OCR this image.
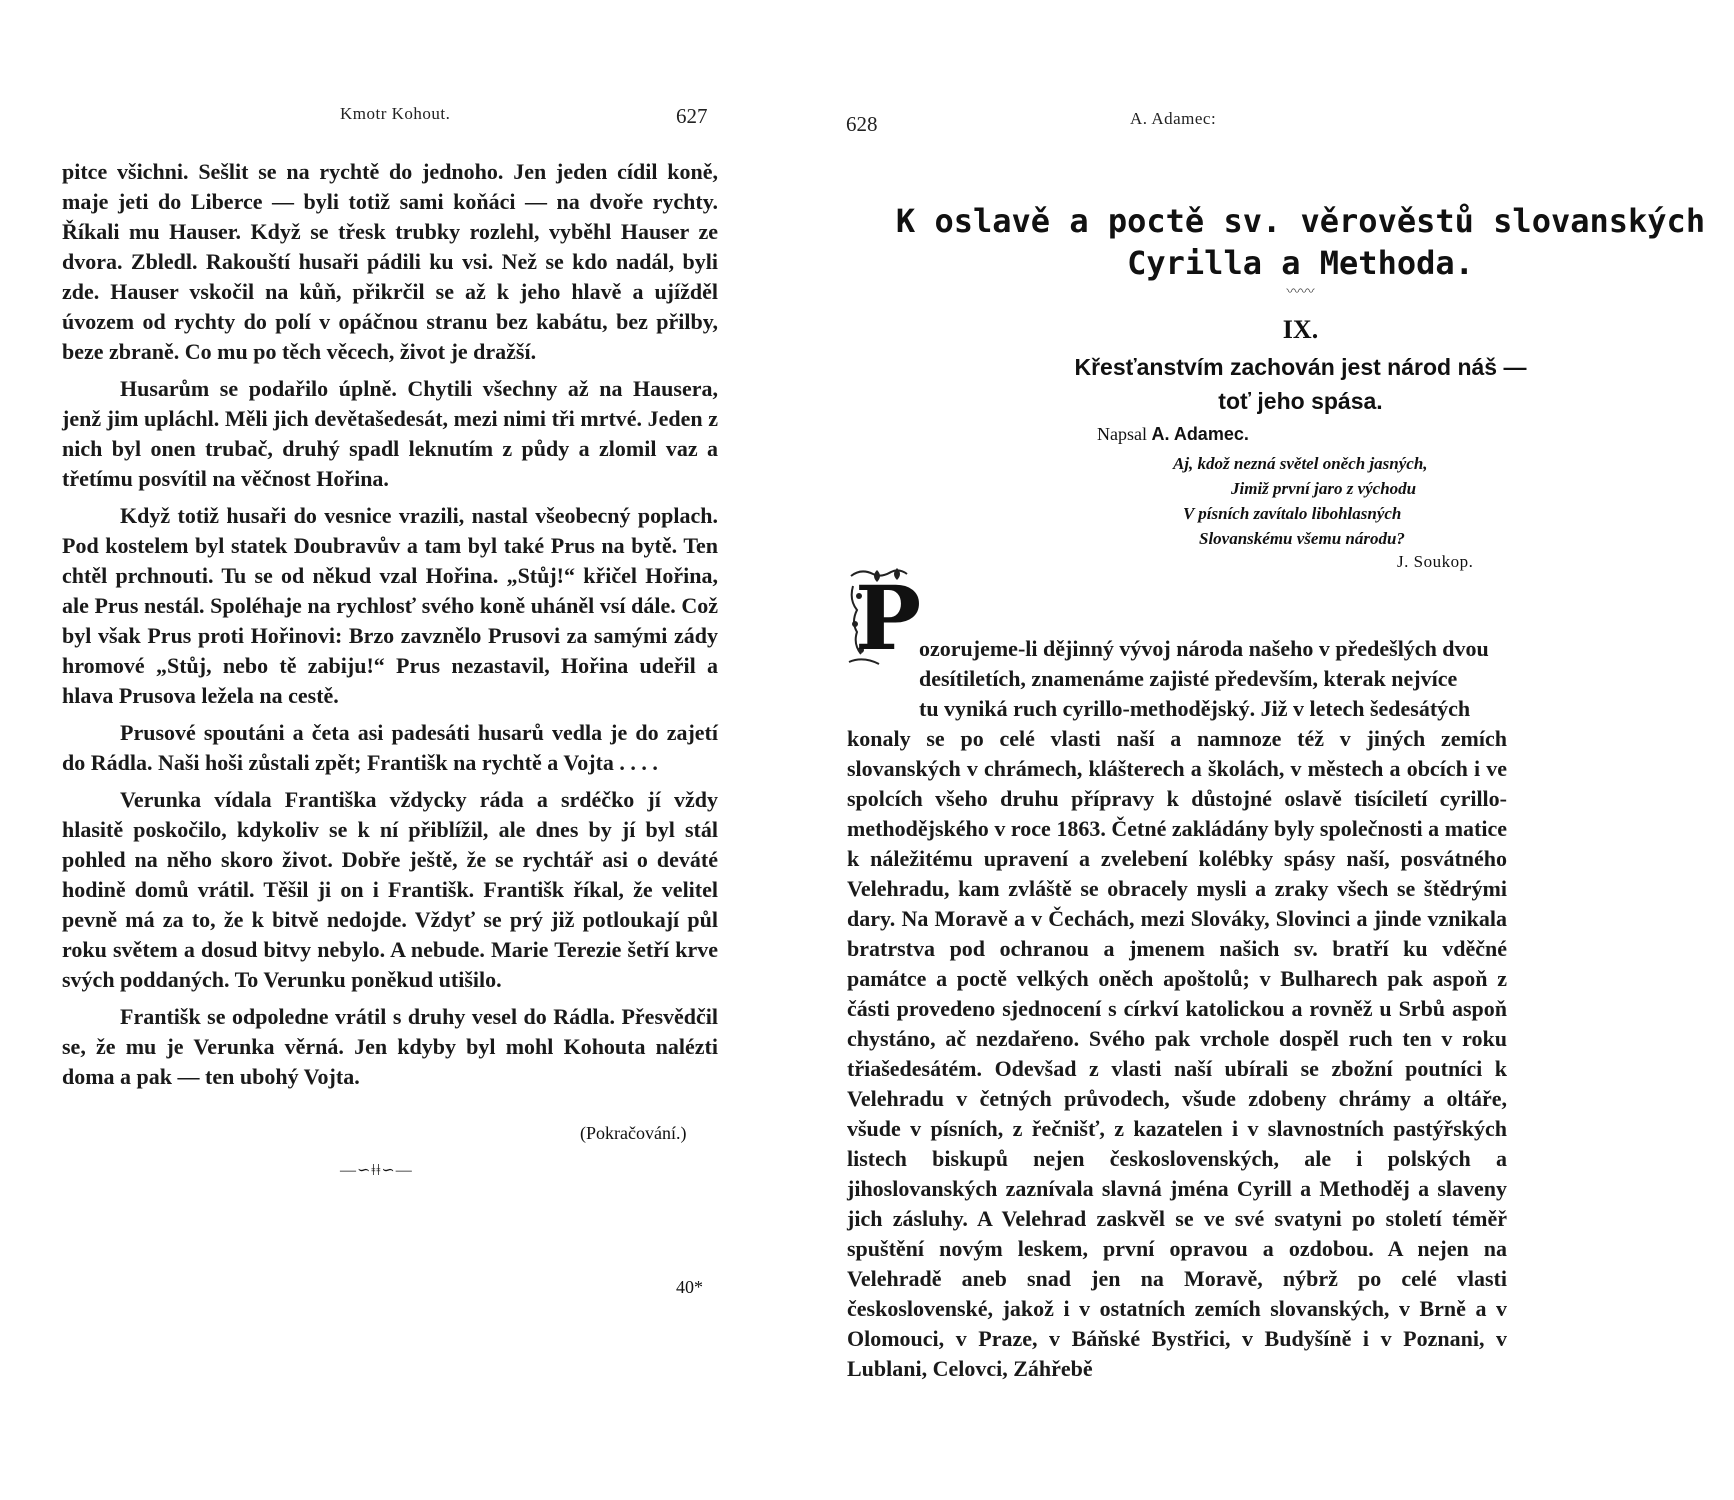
Kmotr Kohout.	627

pitce všichni. Sešlit se na rychtě do jednoho. Jen jeden cídil koně, maje jeti do Liberce — byli totiž sami koňáci — na dvoře rychty. Říkali mu Hauser. Když se třesk trubky rozlehl, vyběhl Hauser ze dvora. Zbledl. Rakouští husaři pádili ku vsi. Než se kdo nadál, byli zde. Hauser vskočil na kůň, přikrčil se až k jeho hlavě a ujížděl úvozem od rychty do polí v opáčnou stranu bez kabátu, bez přilby, beze zbraně. Co mu po těch věcech, život je dražší.

Husarům se podařilo úplně. Chytili všechny až na Hausera, jenž jim upláchl. Měli jich devětašedesát, mezi nimi tři mrtvé. Jeden z nich byl onen trubač, druhý spadl leknutím z půdy a zlomil vaz a třetímu posvítil na věčnost Hořina.

Když totiž husaři do vesnice vrazili, nastal všeobecný poplach. Pod kostelem byl statek Doubravův a tam byl také Prus na bytě. Ten chtěl prchnouti. Tu se od někud vzal Hořina. „Stůj!“ křičel Hořina, ale Prus nestál. Spoléhaje na rychlosť svého koně uháněl vsí dále. Což byl však Prus proti Hořinovi: Brzo zavznělo Prusovi za samými zády hromové „Stůj, nebo tě zabiju!“ Prus nezastavil, Hořina udeřil a hlava Prusova ležela na cestě.

Prusové spoutáni a četa asi padesáti husarů vedla je do zajetí do Rádla. Naši hoši zůstali zpět; Františk na rychtě a Vojta . . . .

Verunka vídala Františka vždycky ráda a srdéčko jí vždy hlasitě poskočilo, kdykoliv se k ní přiblížil, ale dnes by jí byl stál pohled na něho skoro život. Dobře ještě, že se rychtář asi o deváté hodině domů vrátil. Těšil ji on i Františk. Františk říkal, že velitel pevně má za to, že k bitvě nedojde. Vždyť se prý již potloukají půl roku světem a dosud bitvy nebylo. A nebude. Marie Terezie šetří krve svých poddaných. To Verunku poněkud utišilo.

Františk se odpoledne vrátil s druhy vesel do Rádla. Přesvědčil se, že mu je Verunka věrná. Jen kdyby byl mohl Kohouta nalézti doma a pak — ten ubohý Vojta.

(Pokračování.)
—∽ǂǂ∽—
40*
628	A. Adamec:
K oslavě a poctě sv. věrověstů slovanských
Cyrilla a Methoda.
〰〰
IX.
Křesťanstvím zachován jest národ náš —
toť jeho spása.
Napsal A. Adamec.
Aj, kdož nezná světel oněch jasných,
Jimiž první jaro z východu
V písních zavítalo libohlasných
Slovanskému všemu národu?
J. Soukop.
P
ozorujeme-li dějinný vývoj národa našeho v předešlých dvou
desítiletích, znamenáme zajisté především, kterak nejvíce
tu vyniká ruch cyrillo-methodějský. Již v letech šedesátých

konaly se po celé vlasti naší a namnoze též v jiných zemích slovanských v chrámech, klášterech a školách, v městech a obcích i ve spolcích všeho druhu přípravy k důstojné oslavě tisíciletí cyrillo-methodějského v roce 1863. Četné zakládány byly společnosti a matice k náležitému upravení a zvelebení kolébky spásy naší, posvátného Velehradu, kam zvláště se obracely mysli a zraky všech se štědrými dary. Na Moravě a v Čechách, mezi Slováky, Slovinci a jinde vznikala bratrstva pod ochranou a jmenem našich sv. bratří ku vděčné památce a poctě velkých oněch apoštolů; v Bulharech pak aspoň z části provedeno sjednocení s církví katolickou a rovněž u Srbů aspoň chystáno, ač nezdařeno. Svého pak vrchole dospěl ruch ten v roku třiašedesátém. Odevšad z vlasti naší ubírali se zbožní poutníci k Velehradu v četných průvodech, všude zdobeny chrámy a oltáře, všude v písních, z řečnišť, z kazatelen i v slavnostních pastýřských listech biskupů nejen československých, ale i polských a jihoslovanských zaznívala slavná jména Cyrill a Methoděj a slaveny jich zásluhy. A Velehrad zaskvěl se ve své svatyni po století téměř spuštění novým leskem, první opravou a ozdobou. A nejen na Velehradě aneb snad jen na Moravě, nýbrž po celé vlasti československé, jakož i v ostatních zemích slovanských, v Brně a v Olomouci, v Praze, v Báňské Bystřici, v Budyšíně i v Poznani, v Lublani, Celovci, Záhřebě
